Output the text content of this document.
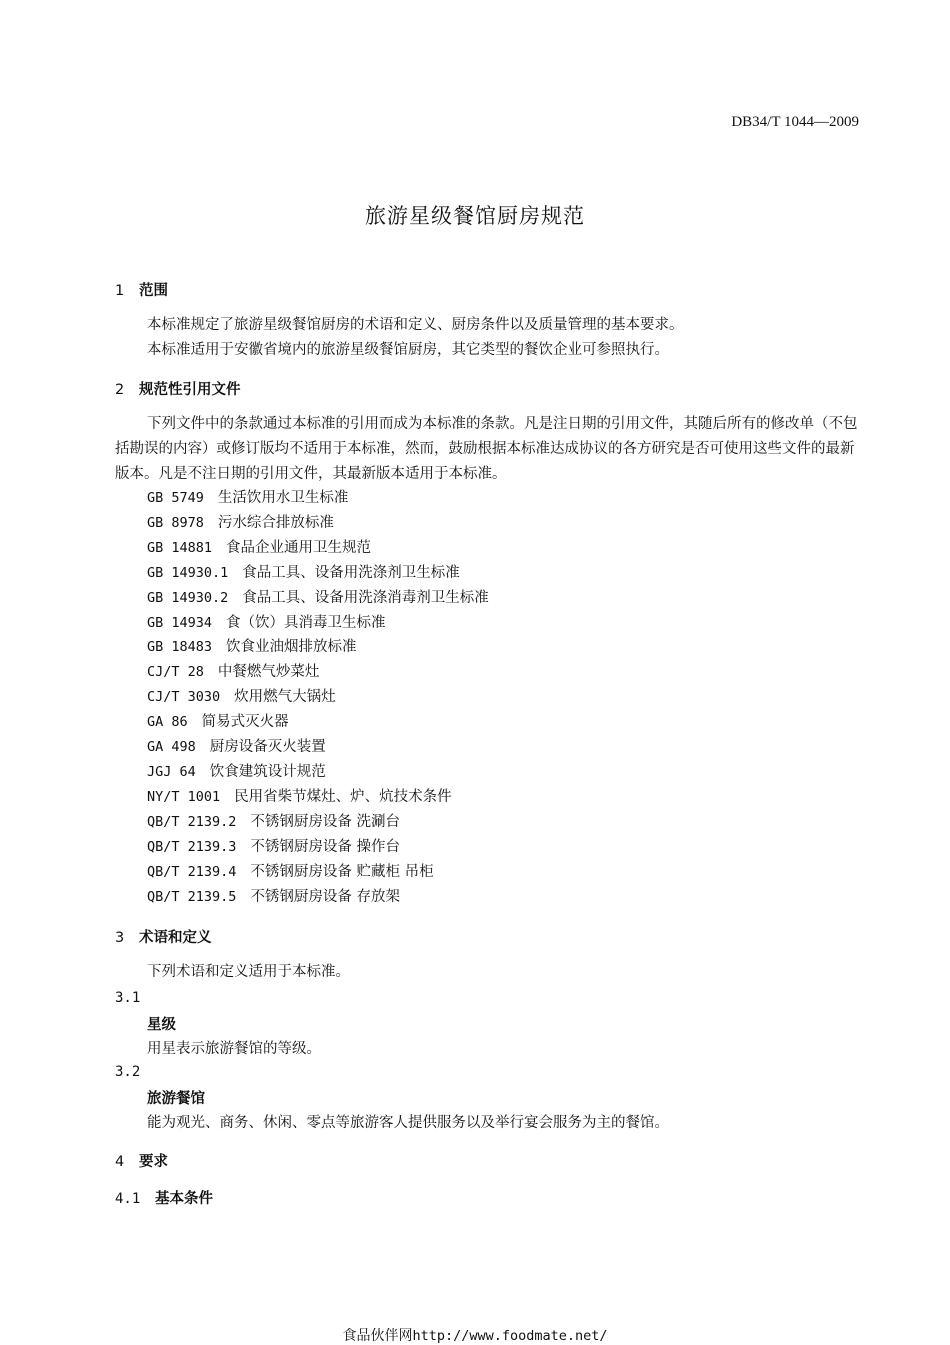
DB34/T 1044—2009
旅游星级餐馆厨房规范
1 范围
本标准规定了旅游星级餐馆厨房的术语和定义、厨房条件以及质量管理的基本要求。
本标准适用于安徽省境内的旅游星级餐馆厨房，其它类型的餐饮企业可参照执行。
2 规范性引用文件
下列文件中的条款通过本标准的引用而成为本标准的条款。凡是注日期的引用文件，其随后所有的修改单（不包括勘误的内容）或修订版均不适用于本标准，然而，鼓励根据本标准达成协议的各方研究是否可使用这些文件的最新版本。凡是不注日期的引用文件，其最新版本适用于本标准。
GB 5749 生活饮用水卫生标准
GB 8978 污水综合排放标准
GB 14881 食品企业通用卫生规范
GB 14930.1 食品工具、设备用洗涤剂卫生标准
GB 14930.2 食品工具、设备用洗涤消毒剂卫生标准
GB 14934 食（饮）具消毒卫生标准
GB 18483 饮食业油烟排放标准
CJ/T 28 中餐燃气炒菜灶
CJ/T 3030 炊用燃气大锅灶
GA 86 简易式灭火器
GA 498 厨房设备灭火装置
JGJ 64 饮食建筑设计规范
NY/T 1001 民用省柴节煤灶、炉、炕技术条件
QB/T 2139.2 不锈钢厨房设备 洗涮台
QB/T 2139.3 不锈钢厨房设备 操作台
QB/T 2139.4 不锈钢厨房设备 贮藏柜 吊柜
QB/T 2139.5 不锈钢厨房设备 存放架
3 术语和定义
下列术语和定义适用于本标准。
3.1
星级
用星表示旅游餐馆的等级。
3.2
旅游餐馆
能为观光、商务、休闲、零点等旅游客人提供服务以及举行宴会服务为主的餐馆。
4 要求
4.1 基本条件
食品伙伴网http://www.foodmate.net/
